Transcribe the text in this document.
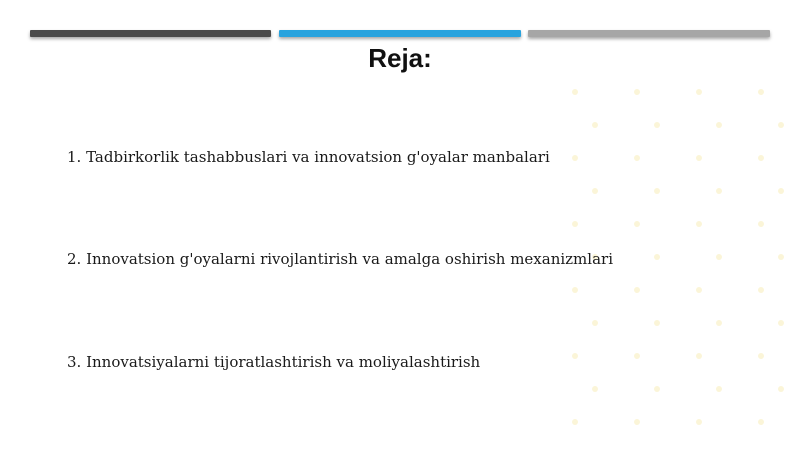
Reja:
1. Tadbirkorlik tashabbuslari va innovatsion g'oyalar manbalari
2. Innovatsion g'oyalarni rivojlantirish va amalga oshirish mexanizmlari
3. Innovatsiyalarni tijoratlashtirish va moliyalashtirish
